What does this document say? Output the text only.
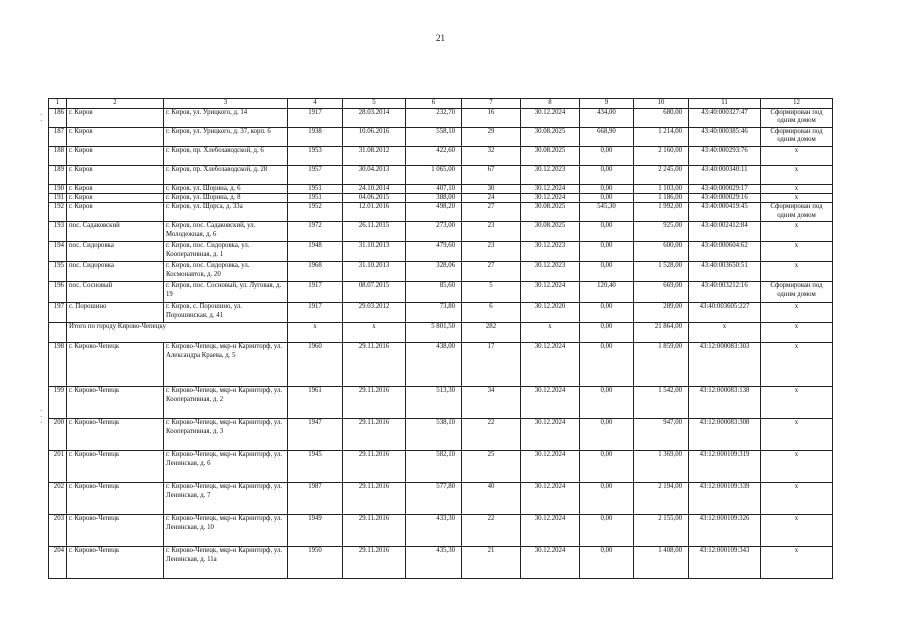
21
·
·
·
·
·
1	2	3	4	5	6	7	8	9	10	11	12
186	г. Киров	г. Киров, ул. Урицкого, д. 14	1917	28.03.2014	232,70	16	30.12.2024	434,00	680,00	43:40:000327:47	Сформирован под одним домом
187	г. Киров	г. Киров, ул. Урицкого, д. 37, корп. 6	1938	10.06.2016	558,10	29	30.08.2025	668,90	1 214,00	43:40:000385:46	Сформирован под одним домом
188	г. Киров	г. Киров, пр. Хлебозаводской, д. 6	1953	31.08.2012	422,60	32	30.08.2025	0,00	2 160,00	43:40:000293:76	x
189	г. Киров	г. Киров, пр. Хлебозаводской, д. 28	1957	30.04.2013	1 065,00	67	30.12.2023	0,00	2 245,00	43:40:000340:11	x
190	г. Киров	г. Киров, ул. Шорина, д. 6	1951	24.10.2014	407,10	30	30.12.2024	0,00	1 103,00	43:40:000029:17	x
191	г. Киров	г. Киров, ул. Шорина, д. 8	1951	04.06.2015	388,00	24	30.12.2024	0,00	1 186,00	43:40:000029:16	x
192	г. Киров	г. Киров, ул. Щорса, д. 33а	1952	12.01.2016	498,20	27	30.08.2025	545,30	1 992,00	43:40:000419:45	Сформирован под одним домом
193	пос. Садаковский	г. Киров, пос. Садаковский, ул. Молодежная, д. 6	1972	26.11.2015	273,00	23	30.08.2025	0,00	925,00	43:40:002412:84	x
194	пос. Сидоровка	г. Киров, пос. Сидоровка, ул. Кооперативная, д. 1	1948	31.10.2013	479,60	23	30.12.2023	0,00	600,00	43:40:000604:62	x
195	пос. Сидоровка	г. Киров, пос. Сидоровка, ул. Космонавтов, д. 20	1968	31.10.2013	328,06	27	30.12.2023	0,00	1 528,00	43:40:003650:51	x
196	пос. Сосновый	г. Киров, пос. Сосновый, ул. Луговая, д. 19	1917	08.07.2015	85,60	5	30.12.2024	120,40	669,00	43:40:003212:16	Сформирован под одним домом
197	с. Порошино	г. Киров, с. Порошино, ул. Порошинская, д. 41	1917	29.03.2012	73,80	6	30.12.2020	0,00	289,00	43:40:003605:227	x
	Итого по городу Кирово-Чепецку		x	x	5 801,50	282	x	0,00	21 864,00	x	x
198	г. Кирово-Чепецк	г. Кирово-Чепецк, мкр-н Каринторф, ул. Александра Краева, д. 5	1960	29.11.2016	438,00	17	30.12.2024	0,00	1 859,00	43:12:000083:303	x
199	г. Кирово-Чепецк	г. Кирово-Чепецк, мкр-н Каринторф, ул. Кооперативная, д. 2	1961	29.11.2016	513,30	34	30.12.2024	0,00	1 542,00	43:12:000083:138	x
200	г. Кирово-Чепецк	г. Кирово-Чепецк, мкр-н Каринторф, ул. Кооперативная, д. 3	1947	29.11.2016	538,10	22	30.12.2024	0,00	947,00	43:12:000083:308	x
201	г. Кирово-Чепецк	г. Кирово-Чепецк, мкр-н Каринторф, ул. Ленинская, д. 6	1945	29.11.2016	582,10	25	30.12.2024	0,00	1 369,00	43:12:000109:319	x
202	г. Кирово-Чепецк	г. Кирово-Чепецк, мкр-н Каринторф, ул. Ленинская, д. 7	1987	29.11.2016	577,80	40	30.12.2024	0,00	2 194,00	43:12:000109:339	x
203	г. Кирово-Чепецк	г. Кирово-Чепецк, мкр-н Каринторф, ул. Ленинская, д. 10	1949	29.11.2016	433,30	22	30.12.2024	0,00	2 155,00	43:12:000109:326	x
204	г. Кирово-Чепецк	г. Кирово-Чепецк, мкр-н Каринторф, ул. Ленинская, д. 11а	1950	29.11.2016	435,30	21	30.12.2024	0,00	1 408,00	43:12:000109:343	x
